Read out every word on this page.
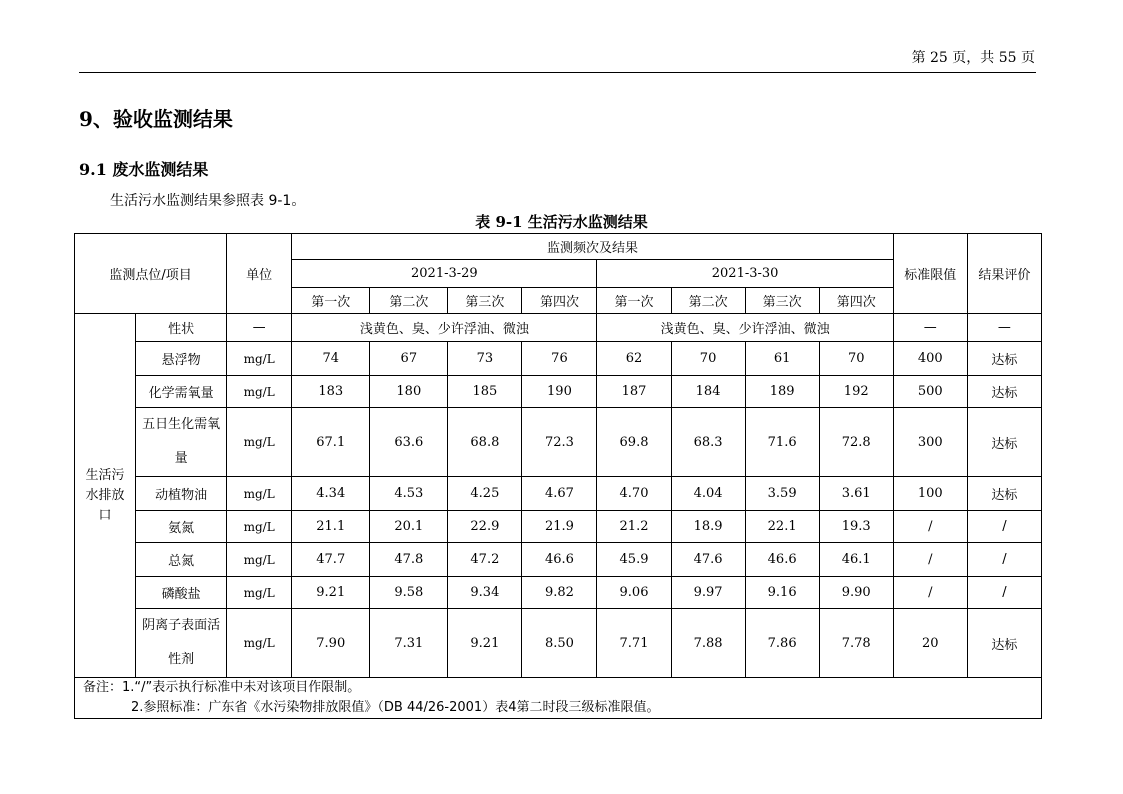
第 25 页，共 55 页
9、验收监测结果
9.1 废水监测结果
生活污水监测结果参照表 9-1。
表 9-1 生活污水监测结果
监测点位/项目		单位	监测频次及结果								标准限值	结果评价
			2021-3-29				2021-3-30					
			第一次	第二次	第三次	第四次	第一次	第二次	第三次	第四次		
生活污水排放口	性状	—	浅黄色、臭、少许浮油、微浊				浅黄色、臭、少许浮油、微浊				—	—
	悬浮物	mg/L	74	67	73	76	62	70	61	70	400	达标
	化学需氧量	mg/L	183	180	185	190	187	184	189	192	500	达标
	五日生化需氧量	mg/L	67.1	63.6	68.8	72.3	69.8	68.3	71.6	72.8	300	达标
	动植物油	mg/L	4.34	4.53	4.25	4.67	4.70	4.04	3.59	3.61	100	达标
	氨氮	mg/L	21.1	20.1	22.9	21.9	21.2	18.9	22.1	19.3	/	/
	总氮	mg/L	47.7	47.8	47.2	46.6	45.9	47.6	46.6	46.1	/	/
	磷酸盐	mg/L	9.21	9.58	9.34	9.82	9.06	9.97	9.16	9.90	/	/
	阴离子表面活性剂	mg/L	7.90	7.31	9.21	8.50	7.71	7.88	7.86	7.78	20	达标

备注：1.“/”表示执行标准中未对该项目作限制。
2.参照标准：广东省《水污染物排放限值》（DB 44/26-2001）表4第二时段三级标准限值。												
